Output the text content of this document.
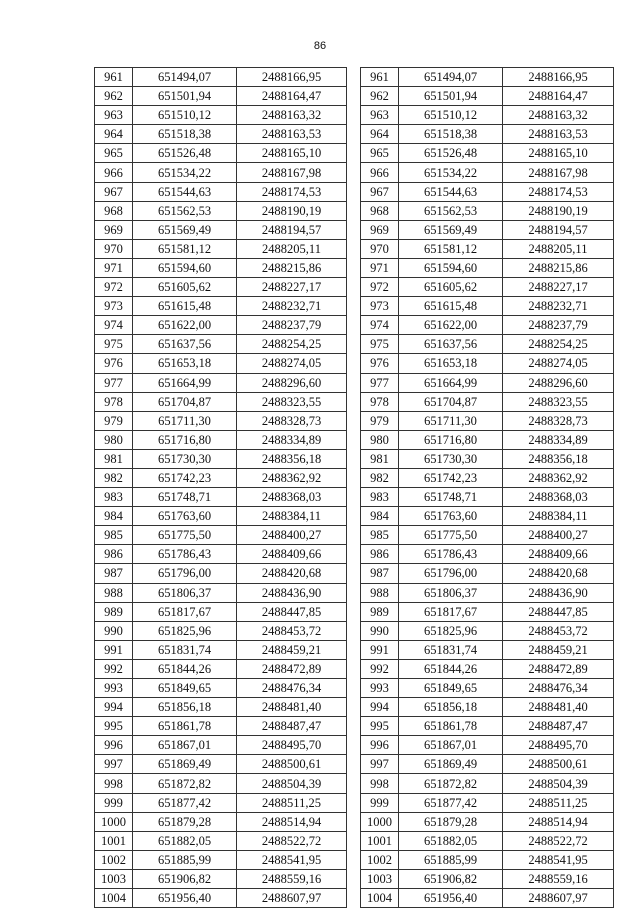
86
961	651494,07	2488166,95
962	651501,94	2488164,47
963	651510,12	2488163,32
964	651518,38	2488163,53
965	651526,48	2488165,10
966	651534,22	2488167,98
967	651544,63	2488174,53
968	651562,53	2488190,19
969	651569,49	2488194,57
970	651581,12	2488205,11
971	651594,60	2488215,86
972	651605,62	2488227,17
973	651615,48	2488232,71
974	651622,00	2488237,79
975	651637,56	2488254,25
976	651653,18	2488274,05
977	651664,99	2488296,60
978	651704,87	2488323,55
979	651711,30	2488328,73
980	651716,80	2488334,89
981	651730,30	2488356,18
982	651742,23	2488362,92
983	651748,71	2488368,03
984	651763,60	2488384,11
985	651775,50	2488400,27
986	651786,43	2488409,66
987	651796,00	2488420,68
988	651806,37	2488436,90
989	651817,67	2488447,85
990	651825,96	2488453,72
991	651831,74	2488459,21
992	651844,26	2488472,89
993	651849,65	2488476,34
994	651856,18	2488481,40
995	651861,78	2488487,47
996	651867,01	2488495,70
997	651869,49	2488500,61
998	651872,82	2488504,39
999	651877,42	2488511,25
1000	651879,28	2488514,94
1001	651882,05	2488522,72
1002	651885,99	2488541,95
1003	651906,82	2488559,16
1004	651956,40	2488607,97
961	651494,07	2488166,95
962	651501,94	2488164,47
963	651510,12	2488163,32
964	651518,38	2488163,53
965	651526,48	2488165,10
966	651534,22	2488167,98
967	651544,63	2488174,53
968	651562,53	2488190,19
969	651569,49	2488194,57
970	651581,12	2488205,11
971	651594,60	2488215,86
972	651605,62	2488227,17
973	651615,48	2488232,71
974	651622,00	2488237,79
975	651637,56	2488254,25
976	651653,18	2488274,05
977	651664,99	2488296,60
978	651704,87	2488323,55
979	651711,30	2488328,73
980	651716,80	2488334,89
981	651730,30	2488356,18
982	651742,23	2488362,92
983	651748,71	2488368,03
984	651763,60	2488384,11
985	651775,50	2488400,27
986	651786,43	2488409,66
987	651796,00	2488420,68
988	651806,37	2488436,90
989	651817,67	2488447,85
990	651825,96	2488453,72
991	651831,74	2488459,21
992	651844,26	2488472,89
993	651849,65	2488476,34
994	651856,18	2488481,40
995	651861,78	2488487,47
996	651867,01	2488495,70
997	651869,49	2488500,61
998	651872,82	2488504,39
999	651877,42	2488511,25
1000	651879,28	2488514,94
1001	651882,05	2488522,72
1002	651885,99	2488541,95
1003	651906,82	2488559,16
1004	651956,40	2488607,97
